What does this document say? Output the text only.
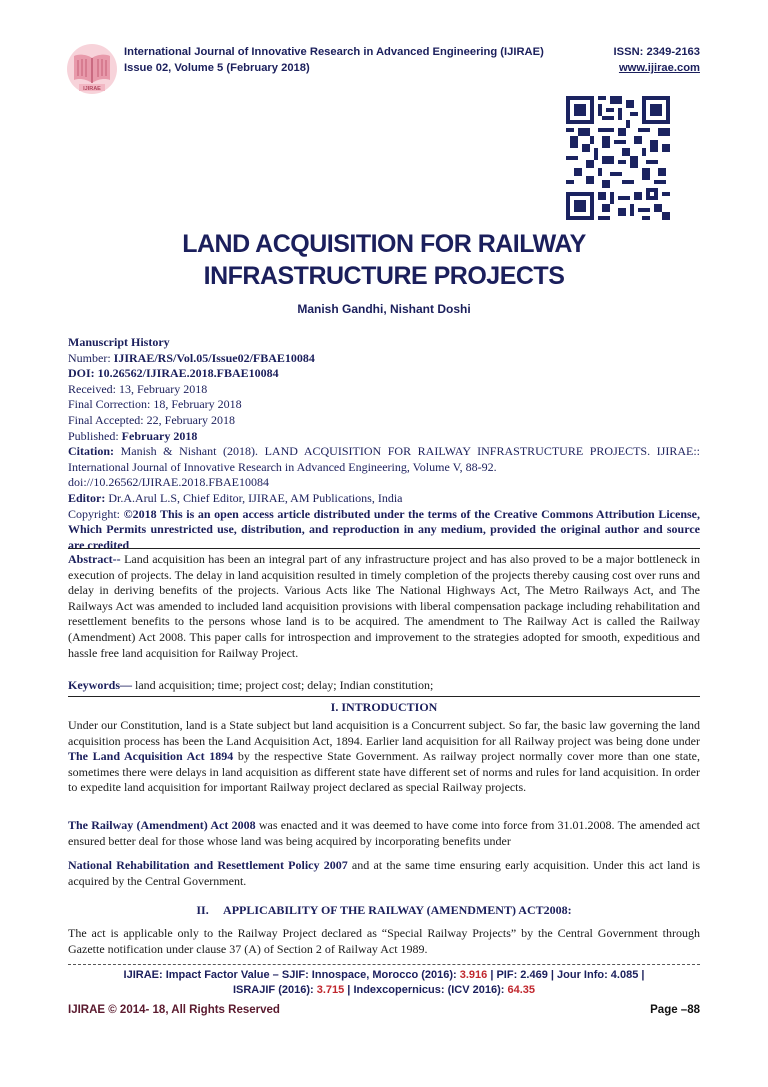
IJIRAE
International Journal of Innovative Research in Advanced Engineering (IJIRAE)	ISSN: 2349-2163
Issue 02, Volume 5 (February 2018)	www.ijirae.com
LAND ACQUISITION FOR RAILWAY
INFRASTRUCTURE PROJECTS
Manish Gandhi, Nishant Doshi
Manuscript History
Number: IJIRAE/RS/Vol.05/Issue02/FBAE10084
DOI: 10.26562/IJIRAE.2018.FBAE10084
Received: 13, February 2018
Final Correction: 18, February 2018
Final Accepted: 22, February 2018
Published: February 2018
Citation: Manish & Nishant (2018). LAND ACQUISITION FOR RAILWAY INFRASTRUCTURE PROJECTS. IJIRAE:: International Journal of Innovative Research in Advanced Engineering, Volume V, 88-92.
doi://10.26562/IJIRAE.2018.FBAE10084
Editor: Dr.A.Arul L.S, Chief Editor, IJIRAE, AM Publications, India
Copyright: ©2018 This is an open access article distributed under the terms of the Creative Commons Attribution License, Which Permits unrestricted use, distribution, and reproduction in any medium, provided the original author and source are credited
Abstract-- Land acquisition has been an integral part of any infrastructure project and has also proved to be a major bottleneck in execution of projects. The delay in land acquisition resulted in timely completion of the projects thereby causing cost over runs and delay in deriving benefits of the projects. Various Acts like The National Highways Act, The Metro Railways Act, and The Railways Act was amended to included land acquisition provisions with liberal compensation package including rehabilitation and resettlement benefits to the persons whose land is to be acquired. The amendment to The Railway Act is called the Railway (Amendment) Act 2008. This paper calls for introspection and improvement to the strategies adopted for smooth, expeditious and hassle free land acquisition for Railway Project.
Keywords— land acquisition; time; project cost; delay; Indian constitution;
I. INTRODUCTION
Under our Constitution, land is a State subject but land acquisition is a Concurrent subject. So far, the basic law governing the land acquisition process has been the Land Acquisition Act, 1894. Earlier land acquisition for all Railway project was being done under The Land Acquisition Act 1894 by the respective State Government. As railway project normally cover more than one state, sometimes there were delays in land acquisition as different state have different set of norms and rules for land acquisition. In order to expedite land acquisition for important Railway project declared as special Railway projects.
The Railway (Amendment) Act 2008 was enacted and it was deemed to have come into force from 31.01.2008. The amended act ensured better deal for those whose land was being acquired by incorporating benefits under
National Rehabilitation and Resettlement Policy 2007 and at the same time ensuring early acquisition. Under this act land is acquired by the Central Government.
II.     APPLICABILITY OF THE RAILWAY (AMENDMENT) ACT2008:
The act is applicable only to the Railway Project declared as “Special Railway Projects” by the Central Government through Gazette notification under clause 37 (A) of Section 2 of Railway Act 1989.
IJIRAE: Impact Factor Value – SJIF: Innospace, Morocco (2016): 3.916 | PIF: 2.469 | Jour Info: 4.085 |
ISRAJIF (2016): 3.715 | Indexcopernicus: (ICV 2016): 64.35
IJIRAE © 2014- 18, All Rights Reserved	Page –88
